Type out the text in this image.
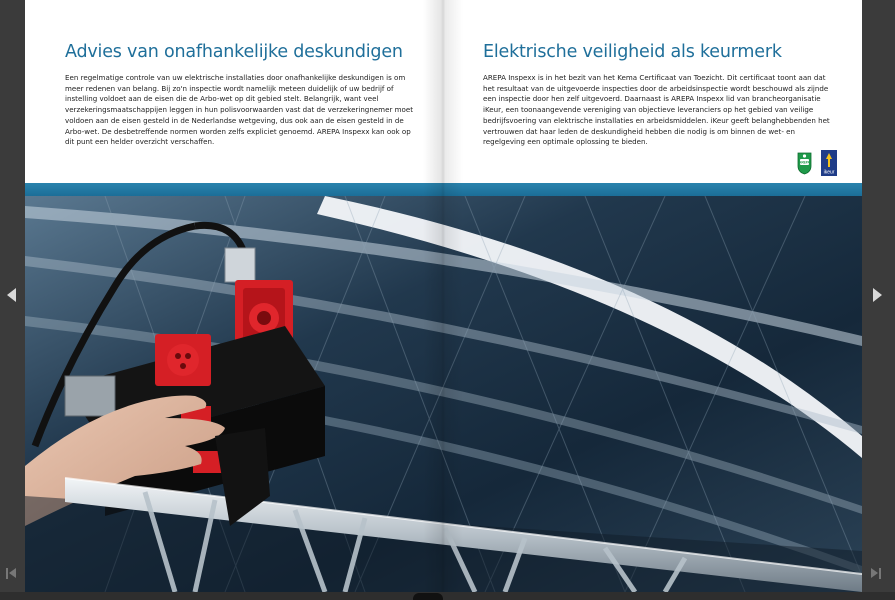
Advies van onafhankelijke deskundigen

Een regelmatige controle van uw elektrische installaties door onafhankelijke deskundigen is om meer redenen van belang. Bij zo'n inspectie wordt namelijk meteen duidelijk of uw bedrijf of instelling voldoet aan de eisen die de Arbo-wet op dit gebied stelt. Belangrijk, want veel verzekeringsmaatschappijen leggen in hun polisvoorwaarden vast dat de verzekeringnemer moet voldoen aan de eisen gesteld in de Nederlandse wetgeving, dus ook aan de eisen gesteld in de Arbo-wet. De desbetreffende normen worden zelfs expliciet genoemd. AREPA Inspexx kan ook op dit punt een helder overzicht verschaffen.

Elektrische veiligheid als keurmerk

AREPA Inspexx is in het bezit van het Kema Certificaat van Toezicht. Dit certificaat toont aan dat het resultaat van de uitgevoerde inspecties door de arbeidsinspectie wordt beschouwd als zijnde een inspectie door hen zelf uitgevoerd. Daarnaast is AREPA Inspexx lid van brancheorganisatie iKeur, een toonaangevende vereniging van objectieve leveranciers op het gebied van veilige bedrijfsvoering van elektrische installaties en arbeidsmiddelen. iKeur geeft belanghebbenden het vertrouwen dat haar leden de deskundigheid hebben die nodig is om binnen de wet- en regelgeving een optimale oplossing te bieden.

AREPA
ikeur
